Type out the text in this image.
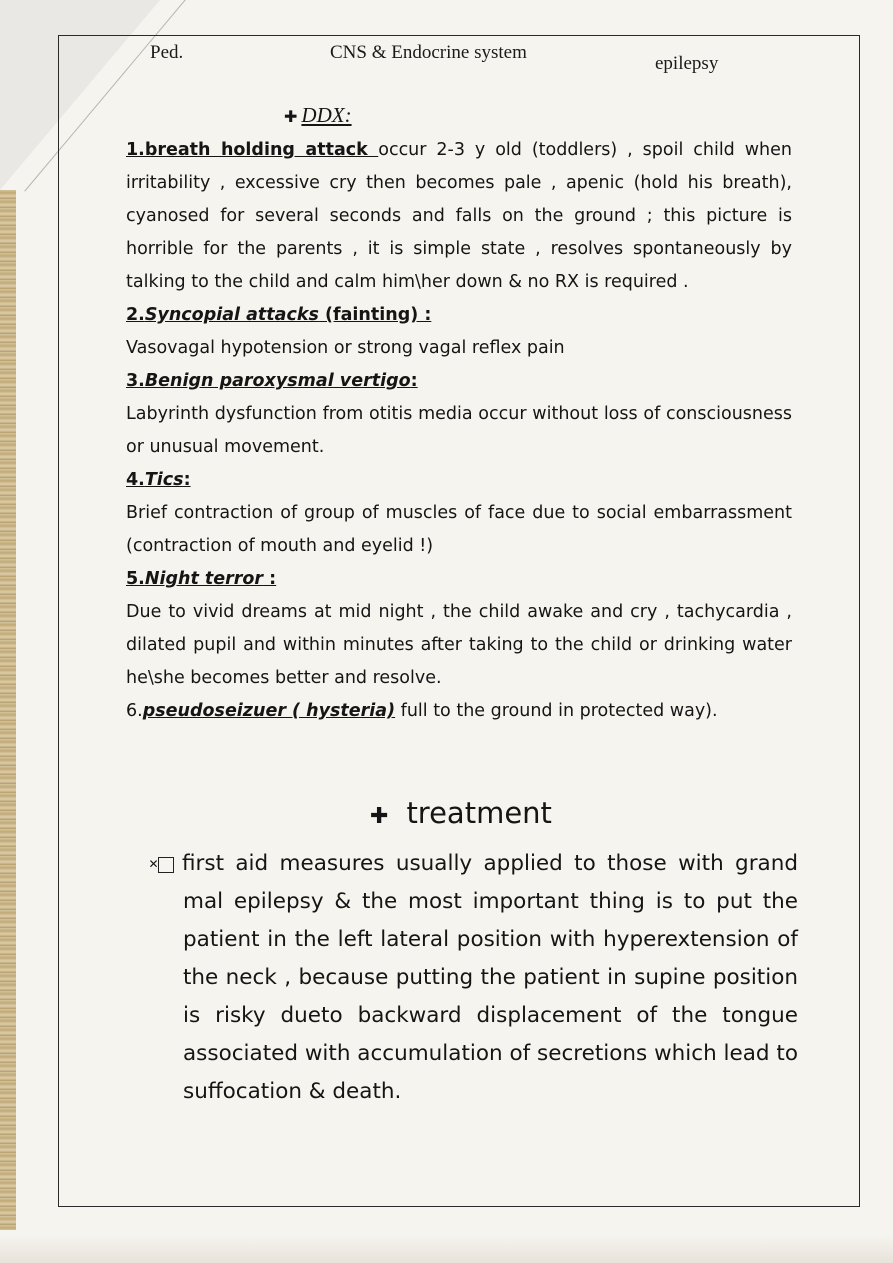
Ped.	CNS & Endocrine system
epilepsy
✚ DDX:

1.breath holding attack occur 2-3 y old (toddlers) , spoil child when irritability , excessive cry then becomes pale , apenic (hold his breath), cyanosed for several seconds and falls on the ground ; this picture is horrible for the parents , it is simple state , resolves spontaneously by talking to the child and calm him\her down & no RX is required .

2.Syncopial attacks (fainting) :

Vasovagal hypotension or strong vagal reflex pain

3.Benign paroxysmal vertigo:

Labyrinth dysfunction from otitis media occur without loss of consciousness or unusual movement.

4.Tics:

Brief contraction of group of muscles of face due to social embarrassment (contraction of mouth and eyelid !)

5.Night terror :

Due to vivid dreams at mid night , the child awake and cry , tachycardia , dilated pupil and within minutes after taking to the child or drinking water he\she becomes better and resolve.

6.pseudoseizuer ( hysteria) full to the ground in protected way).

✚ treatment

✕ first aid measures usually applied to those with grand mal epilepsy & the most important thing is to put the patient in the left lateral position with hyperextension of the neck , because putting the patient in supine position is risky dueto backward displacement of the tongue associated with accumulation of secretions which lead to suffocation & death.
